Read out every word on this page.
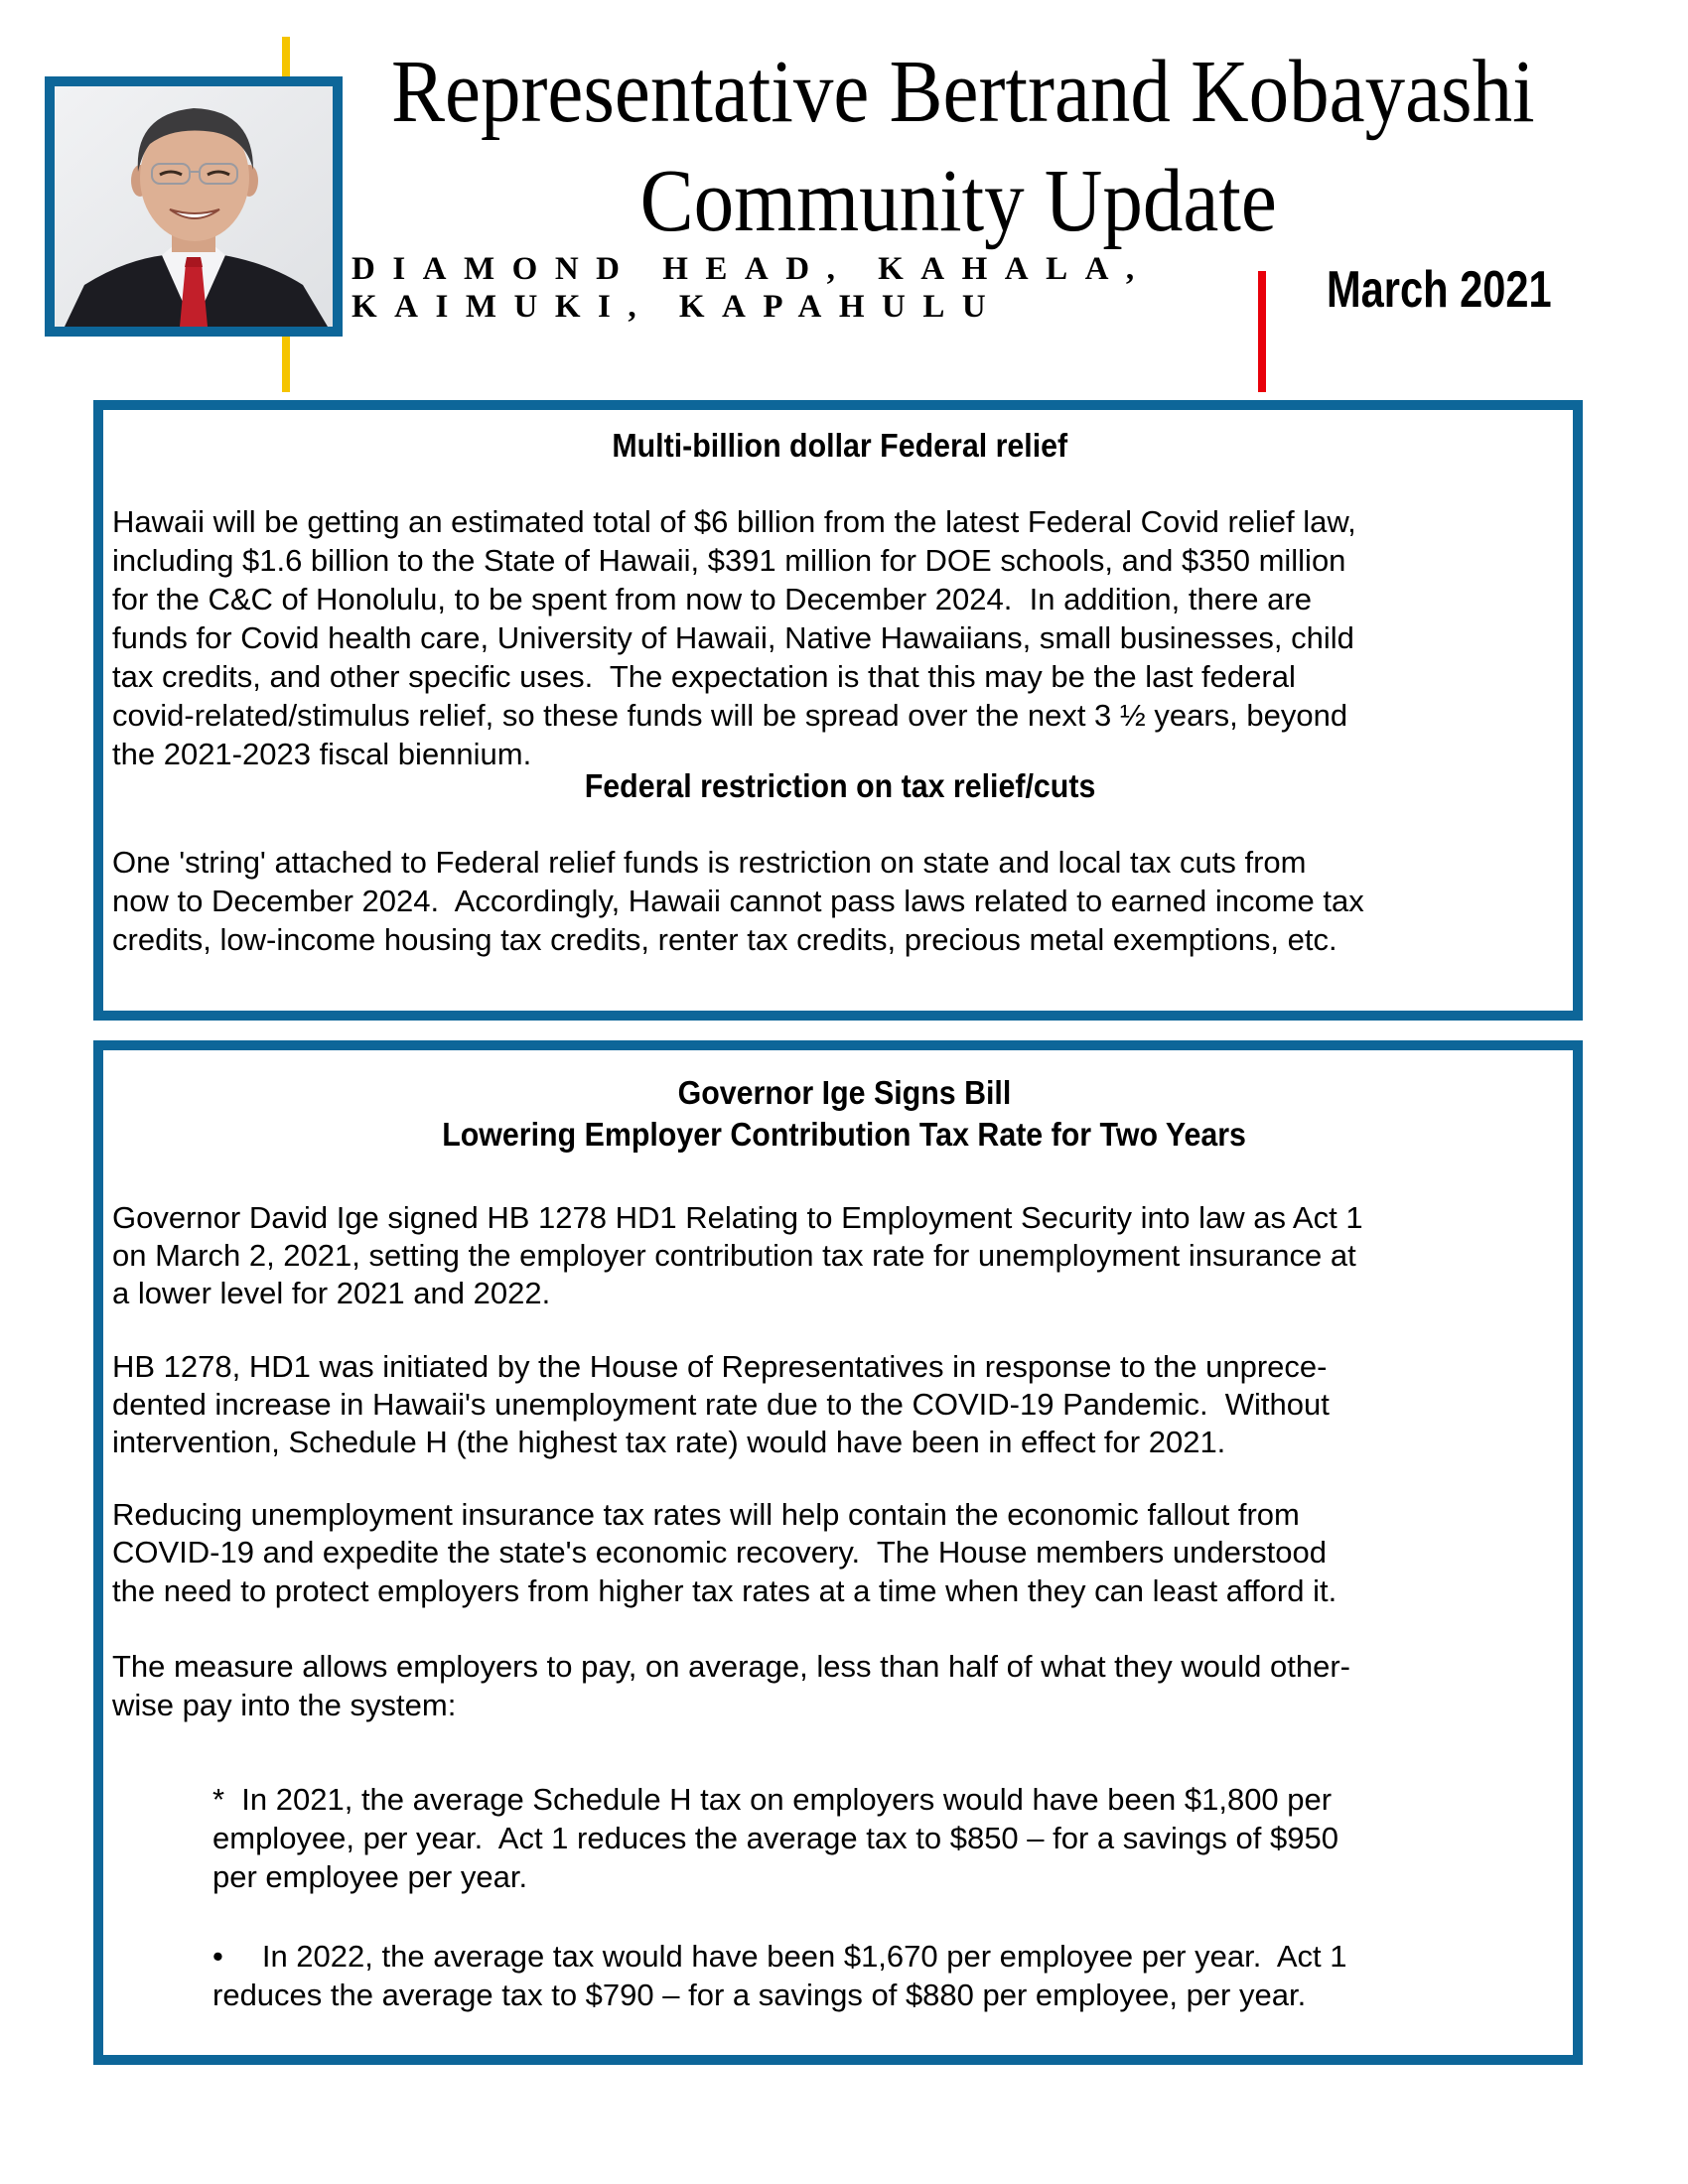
Representative Bertrand Kobayashi
Community Update
DIAMOND HEAD, KAHALA,
KAIMUKI, KAPAHULU	March 2021
Multi-billion dollar Federal relief
Hawaii will be getting an estimated total of $6 billion from the latest Federal Covid relief law,
including $1.6 billion to the State of Hawaii, $391 million for DOE schools, and $350 million
for the C&C of Honolulu, to be spent from now to December 2024.  In addition, there are
funds for Covid health care, University of Hawaii, Native Hawaiians, small businesses, child
tax credits, and other specific uses.  The expectation is that this may be the last federal
covid-related/stimulus relief, so these funds will be spread over the next 3 ½ years, beyond
the 2021-2023 fiscal biennium.
Federal restriction on tax relief/cuts
One 'string' attached to Federal relief funds is restriction on state and local tax cuts from
now to December 2024.  Accordingly, Hawaii cannot pass laws related to earned income tax
credits, low-income housing tax credits, renter tax credits, precious metal exemptions, etc.
Governor Ige Signs Bill
Lowering Employer Contribution Tax Rate for Two Years
Governor David Ige signed HB 1278 HD1 Relating to Employment Security into law as Act 1
on March 2, 2021, setting the employer contribution tax rate for unemployment insurance at
a lower level for 2021 and 2022.
HB 1278, HD1 was initiated by the House of Representatives in response to the unprece-
dented increase in Hawaii's unemployment rate due to the COVID-19 Pandemic.  Without
intervention, Schedule H (the highest tax rate) would have been in effect for 2021.
Reducing unemployment insurance tax rates will help contain the economic fallout from
COVID-19 and expedite the state's economic recovery.  The House members understood
the need to protect employers from higher tax rates at a time when they can least afford it.
The measure allows employers to pay, on average, less than half of what they would other-
wise pay into the system:
*  In 2021, the average Schedule H tax on employers would have been $1,800 per
employee, per year.  Act 1 reduces the average tax to $850 – for a savings of $950
per employee per year.
• In 2022, the average tax would have been $1,670 per employee per year.  Act 1
reduces the average tax to $790 – for a savings of $880 per employee, per year.
